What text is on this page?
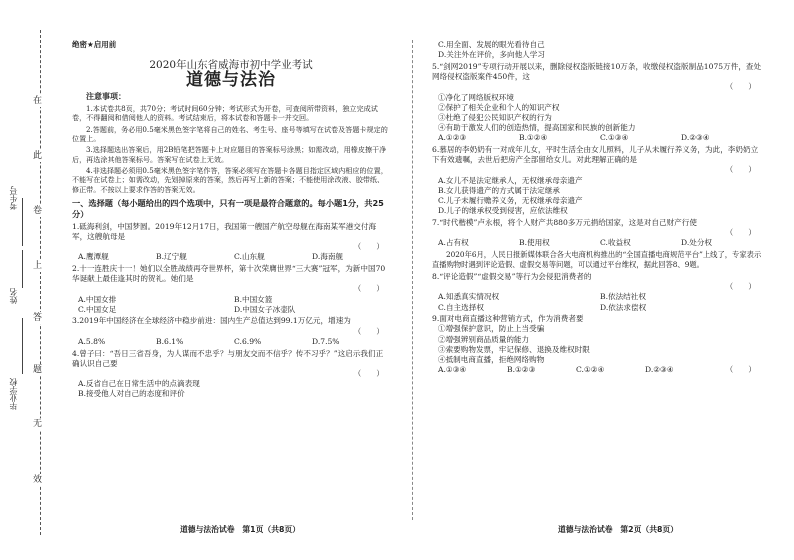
在
此
卷
上
答
题
无
效
考生号
姓名
毕业学校
绝密★启用前
2020年山东省威海市初中学业考试
道德与法治
注意事项：

1.本试卷共8页，共70分；考试时间60分钟；考试形式为开卷，可查阅所带资料，独立完成试卷，不得翻阅和借阅他人的资料。考试结束后，将本试卷和答题卡一并交回。

2.答题前，务必用0.5毫米黑色签字笔将自己的姓名、考生号、座号等填写在试卷及答题卡规定的位置上。

3.选择题选出答案后，用2B铅笔把答题卡上对应题目的答案标号涂黑；如需改动，用橡皮擦干净后，再选涂其他答案标号。答案写在试卷上无效。

4.非选择题必须用0.5毫米黑色签字笔作答，答案必须写在答题卡各题目指定区域内相应的位置，不能写在试卷上；如需改动，先划掉原来的答案，然后再写上新的答案；不能使用涂改液、胶带纸、修正带。不按以上要求作答的答案无效。

一、选择题（每小题给出的四个选项中，只有一项是最符合题意的。每小题1分，共25分）

1.砥海利剑，中国梦圆。2019年12月17日，我国第一艘国产航空母舰在海南某军港交付海军，这艘航母是

（　　）

A.鹰潭舰	B.辽宁舰	C.山东舰	D.海南舰

2.十一连胜庆十一！她们以全胜战绩再夺世界杯，第十次荣膺世界“三大赛”冠军，为新中国70华诞献上最佳逢其时的贺礼。她们是

（　　）

A.中国女排	B.中国女篮
C.中国女足	D.中国女子冰壶队

3.2019年中国经济在全球经济中稳步前进：国内生产总值达到99.1万亿元，增速为

（　　）

A.5.8%	B.6.1%	C.6.9%	D.7.5%

4.曾子曰：“吾日三省吾身，为人谋而不忠乎？与朋友交而不信乎？传不习乎？”这启示我们正确认识自己要

（　　）

A.反省自己在日常生活中的点滴表现

B.接受他人对自己的态度和评价

C.用全面、发展的眼光看待自己

D.关注外在评价，多向他人学习

5.“剑网2019”专项行动开展以来，删除侵权盗版链接10万条，收缴侵权盗版制品1075万件，查处网络侵权盗版案件450件，这

（　　）

①净化了网络版权环境

②保护了相关企业和个人的知识产权

③杜绝了侵犯公民知识产权的行为

④有助于激发人们的创造热情，提高国家和民族的创新能力

A.①②③	B.①②④	C.①③④	D.②③④

6.慕居的李奶奶有一对成年儿女，平时生活全由女儿照料，儿子从未履行养义务，为此，李奶奶立下有效遗嘱，去世后把房产全部留给女儿。对此理解正确的是

（　　）

A.女儿不是法定继承人，无权继承母亲遗产

B.女儿获得遗产的方式属于法定继承

C.儿子未履行赡养义务，无权继承母亲遗产

D.儿子的继承权受到侵害，应依法维权

7.“时代楷模”卢永根，将个人财产共880多万元捐给国家，这是对自己财产行使

（　　）

A.占有权	B.使用权	C.收益权	D.处分权

2020年6月，人民日报新媒体联合各大电商机构推出的“全国直播电商规范平台”上线了，专家表示直播购物时遇到评论造假、虚假交易等问题，可以通过平台维权，据此回答8、9题。

8.“评论造假”“虚假交易”等行为会侵犯消费者的

（　　）

A.知悉真实情况权	B.依法结社权
C.自主选择权	D.依法求偿权

9.面对电商直播这种营销方式，作为消费者要

①增强保护意识，防止上当受骗

②增强辨别商品质量的能力

③索要购物发票，牢记保修、退换及维权时限

④抵制电商直播，拒绝网络购物

A.①③④	B.①②③	C.①②④	D.②③④	（　　）
道德与法治试卷　第1页（共8页）	道德与法治试卷　第2页（共8页）
